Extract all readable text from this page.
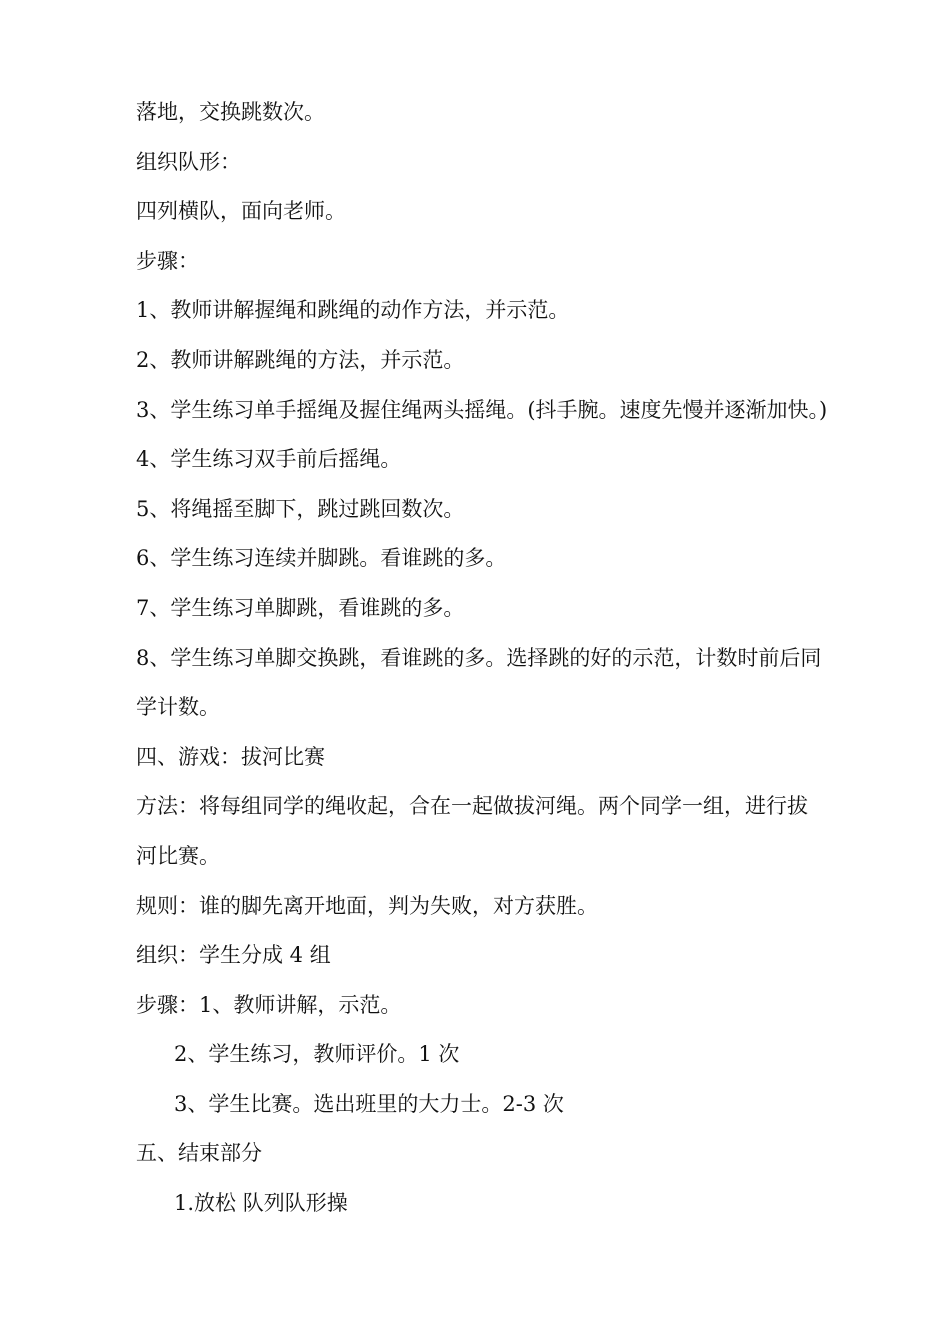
落地，交换跳数次。
组织队形：
四列横队，面向老师。
步骤：
1、教师讲解握绳和跳绳的动作方法，并示范。
2、教师讲解跳绳的方法，并示范。
3、学生练习单手摇绳及握住绳两头摇绳。(抖手腕。速度先慢并逐渐加快。)
4、学生练习双手前后摇绳。
5、将绳摇至脚下，跳过跳回数次。
6、学生练习连续并脚跳。看谁跳的多。
7、学生练习单脚跳，看谁跳的多。
8、学生练习单脚交换跳，看谁跳的多。选择跳的好的示范，计数时前后同
学计数。
四、游戏：拔河比赛
方法：将每组同学的绳收起，合在一起做拔河绳。两个同学一组，进行拔
河比赛。
规则：谁的脚先离开地面，判为失败，对方获胜。
组织：学生分成 4 组
步骤：1、教师讲解，示范。
2、学生练习，教师评价。1 次
3、学生比赛。选出班里的大力士。2-3 次
五、结束部分
1.放松 队列队形操
